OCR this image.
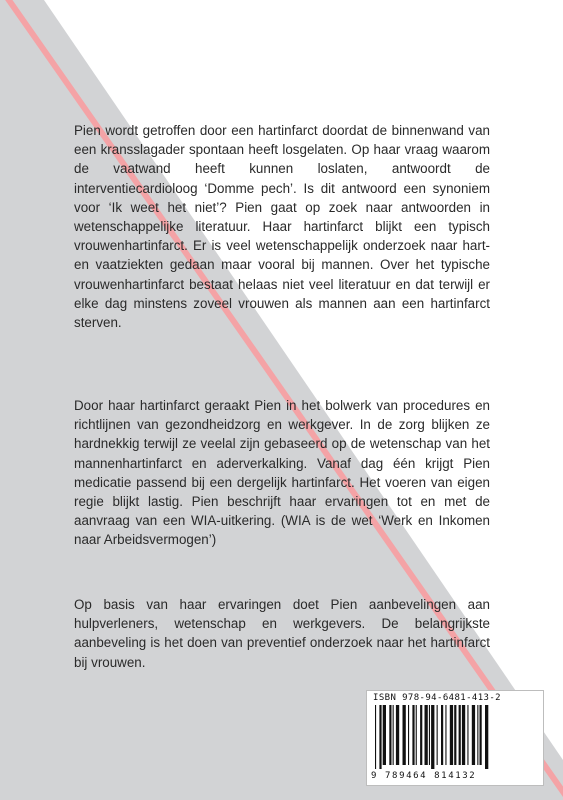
Pien wordt getroffen door een hartinfarct doordat de binnenwand van een kransslagader spontaan heeft losgelaten. Op haar vraag waarom de vaatwand heeft kunnen loslaten, antwoordt de interventiecardioloog ‘Domme pech’. Is dit antwoord een synoniem voor ‘Ik weet het niet’? Pien gaat op zoek naar antwoorden in wetenschappelijke literatuur. Haar hartinfarct blijkt een typisch vrouwenhartinfarct. Er is veel wetenschappelijk onderzoek naar hart- en vaatziekten gedaan maar vooral bij mannen. Over het typische vrouwenhartinfarct bestaat helaas niet veel literatuur en dat terwijl er elke dag minstens zoveel vrouwen als mannen aan een hartinfarct sterven.

Door haar hartinfarct geraakt Pien in het bolwerk van procedures en richtlijnen van gezondheidzorg en werkgever. In de zorg blijken ze hardnekkig terwijl ze veelal zijn gebaseerd op de wetenschap van het mannenhartinfarct en aderverkalking. Vanaf dag één krijgt Pien medicatie passend bij een dergelijk hartinfarct. Het voeren van eigen regie blijkt lastig. Pien beschrijft haar ervaringen tot en met de aanvraag van een WIA-uitkering. (WIA is de wet ‘Werk en Inkomen naar Arbeidsvermogen’)

Op basis van haar ervaringen doet Pien aanbevelingen aan hulpverleners, wetenschap en werkgevers. De belangrijkste aanbeveling is het doen van preventief onderzoek naar het hartinfarct bij vrouwen.

ISBN 978-94-6481-413-2
9 789464 814132
